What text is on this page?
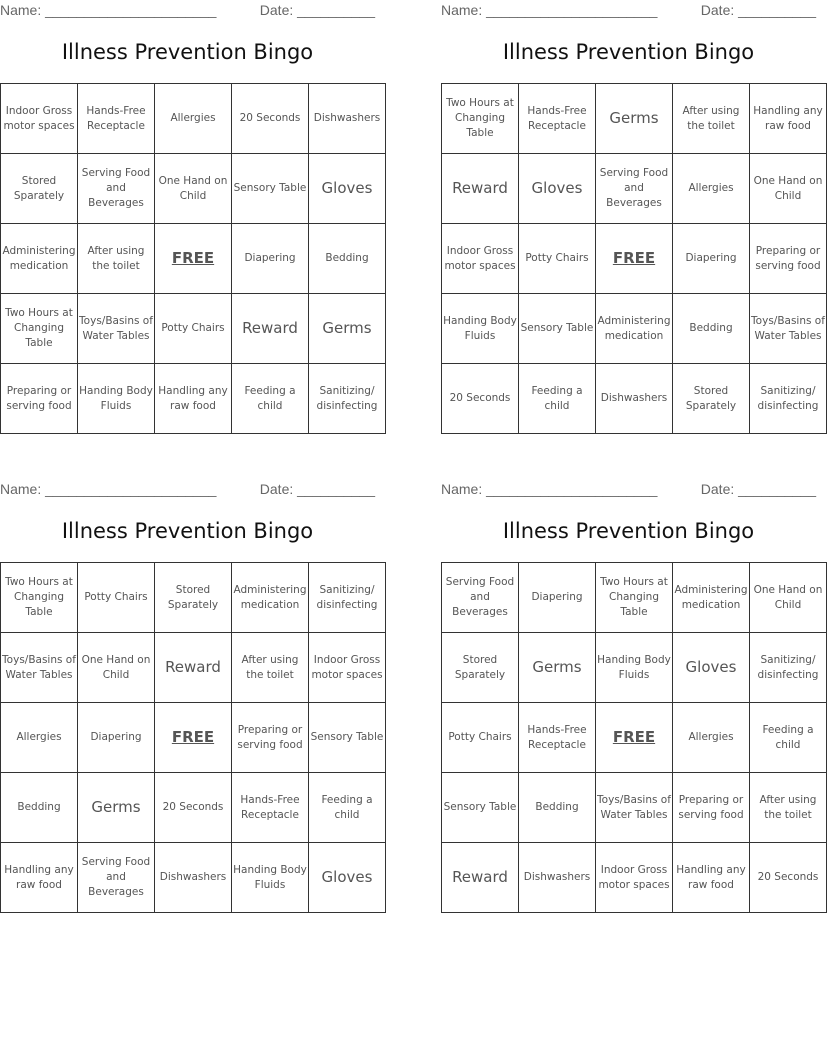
Name: ______________________	Date: __________
Illness Prevention Bingo
Indoor Gross motor spaces	Hands-Free Receptacle	Allergies	20 Seconds	Dishwashers
Stored Sparately	Serving Food and Beverages	One Hand on Child	Sensory Table	Gloves
Administering medication	After using the toilet	FREE	Diapering	Bedding
Two Hours at Changing Table	Toys/Basins of Water Tables	Potty Chairs	Reward	Germs
Preparing or serving food	Handing Body Fluids	Handling any raw food	Feeding a child	Sanitizing/ disinfecting
Name: ______________________	Date: __________
Illness Prevention Bingo
Two Hours at Changing Table	Hands-Free Receptacle	Germs	After using the toilet	Handling any raw food
Reward	Gloves	Serving Food and Beverages	Allergies	One Hand on Child
Indoor Gross motor spaces	Potty Chairs	FREE	Diapering	Preparing or serving food
Handing Body Fluids	Sensory Table	Administering medication	Bedding	Toys/Basins of Water Tables
20 Seconds	Feeding a child	Dishwashers	Stored Sparately	Sanitizing/ disinfecting
Name: ______________________	Date: __________
Illness Prevention Bingo
Two Hours at Changing Table	Potty Chairs	Stored Sparately	Administering medication	Sanitizing/ disinfecting
Toys/Basins of Water Tables	One Hand on Child	Reward	After using the toilet	Indoor Gross motor spaces
Allergies	Diapering	FREE	Preparing or serving food	Sensory Table
Bedding	Germs	20 Seconds	Hands-Free Receptacle	Feeding a child
Handling any raw food	Serving Food and Beverages	Dishwashers	Handing Body Fluids	Gloves
Name: ______________________	Date: __________
Illness Prevention Bingo
Serving Food and Beverages	Diapering	Two Hours at Changing Table	Administering medication	One Hand on Child
Stored Sparately	Germs	Handing Body Fluids	Gloves	Sanitizing/ disinfecting
Potty Chairs	Hands-Free Receptacle	FREE	Allergies	Feeding a child
Sensory Table	Bedding	Toys/Basins of Water Tables	Preparing or serving food	After using the toilet
Reward	Dishwashers	Indoor Gross motor spaces	Handling any raw food	20 Seconds
